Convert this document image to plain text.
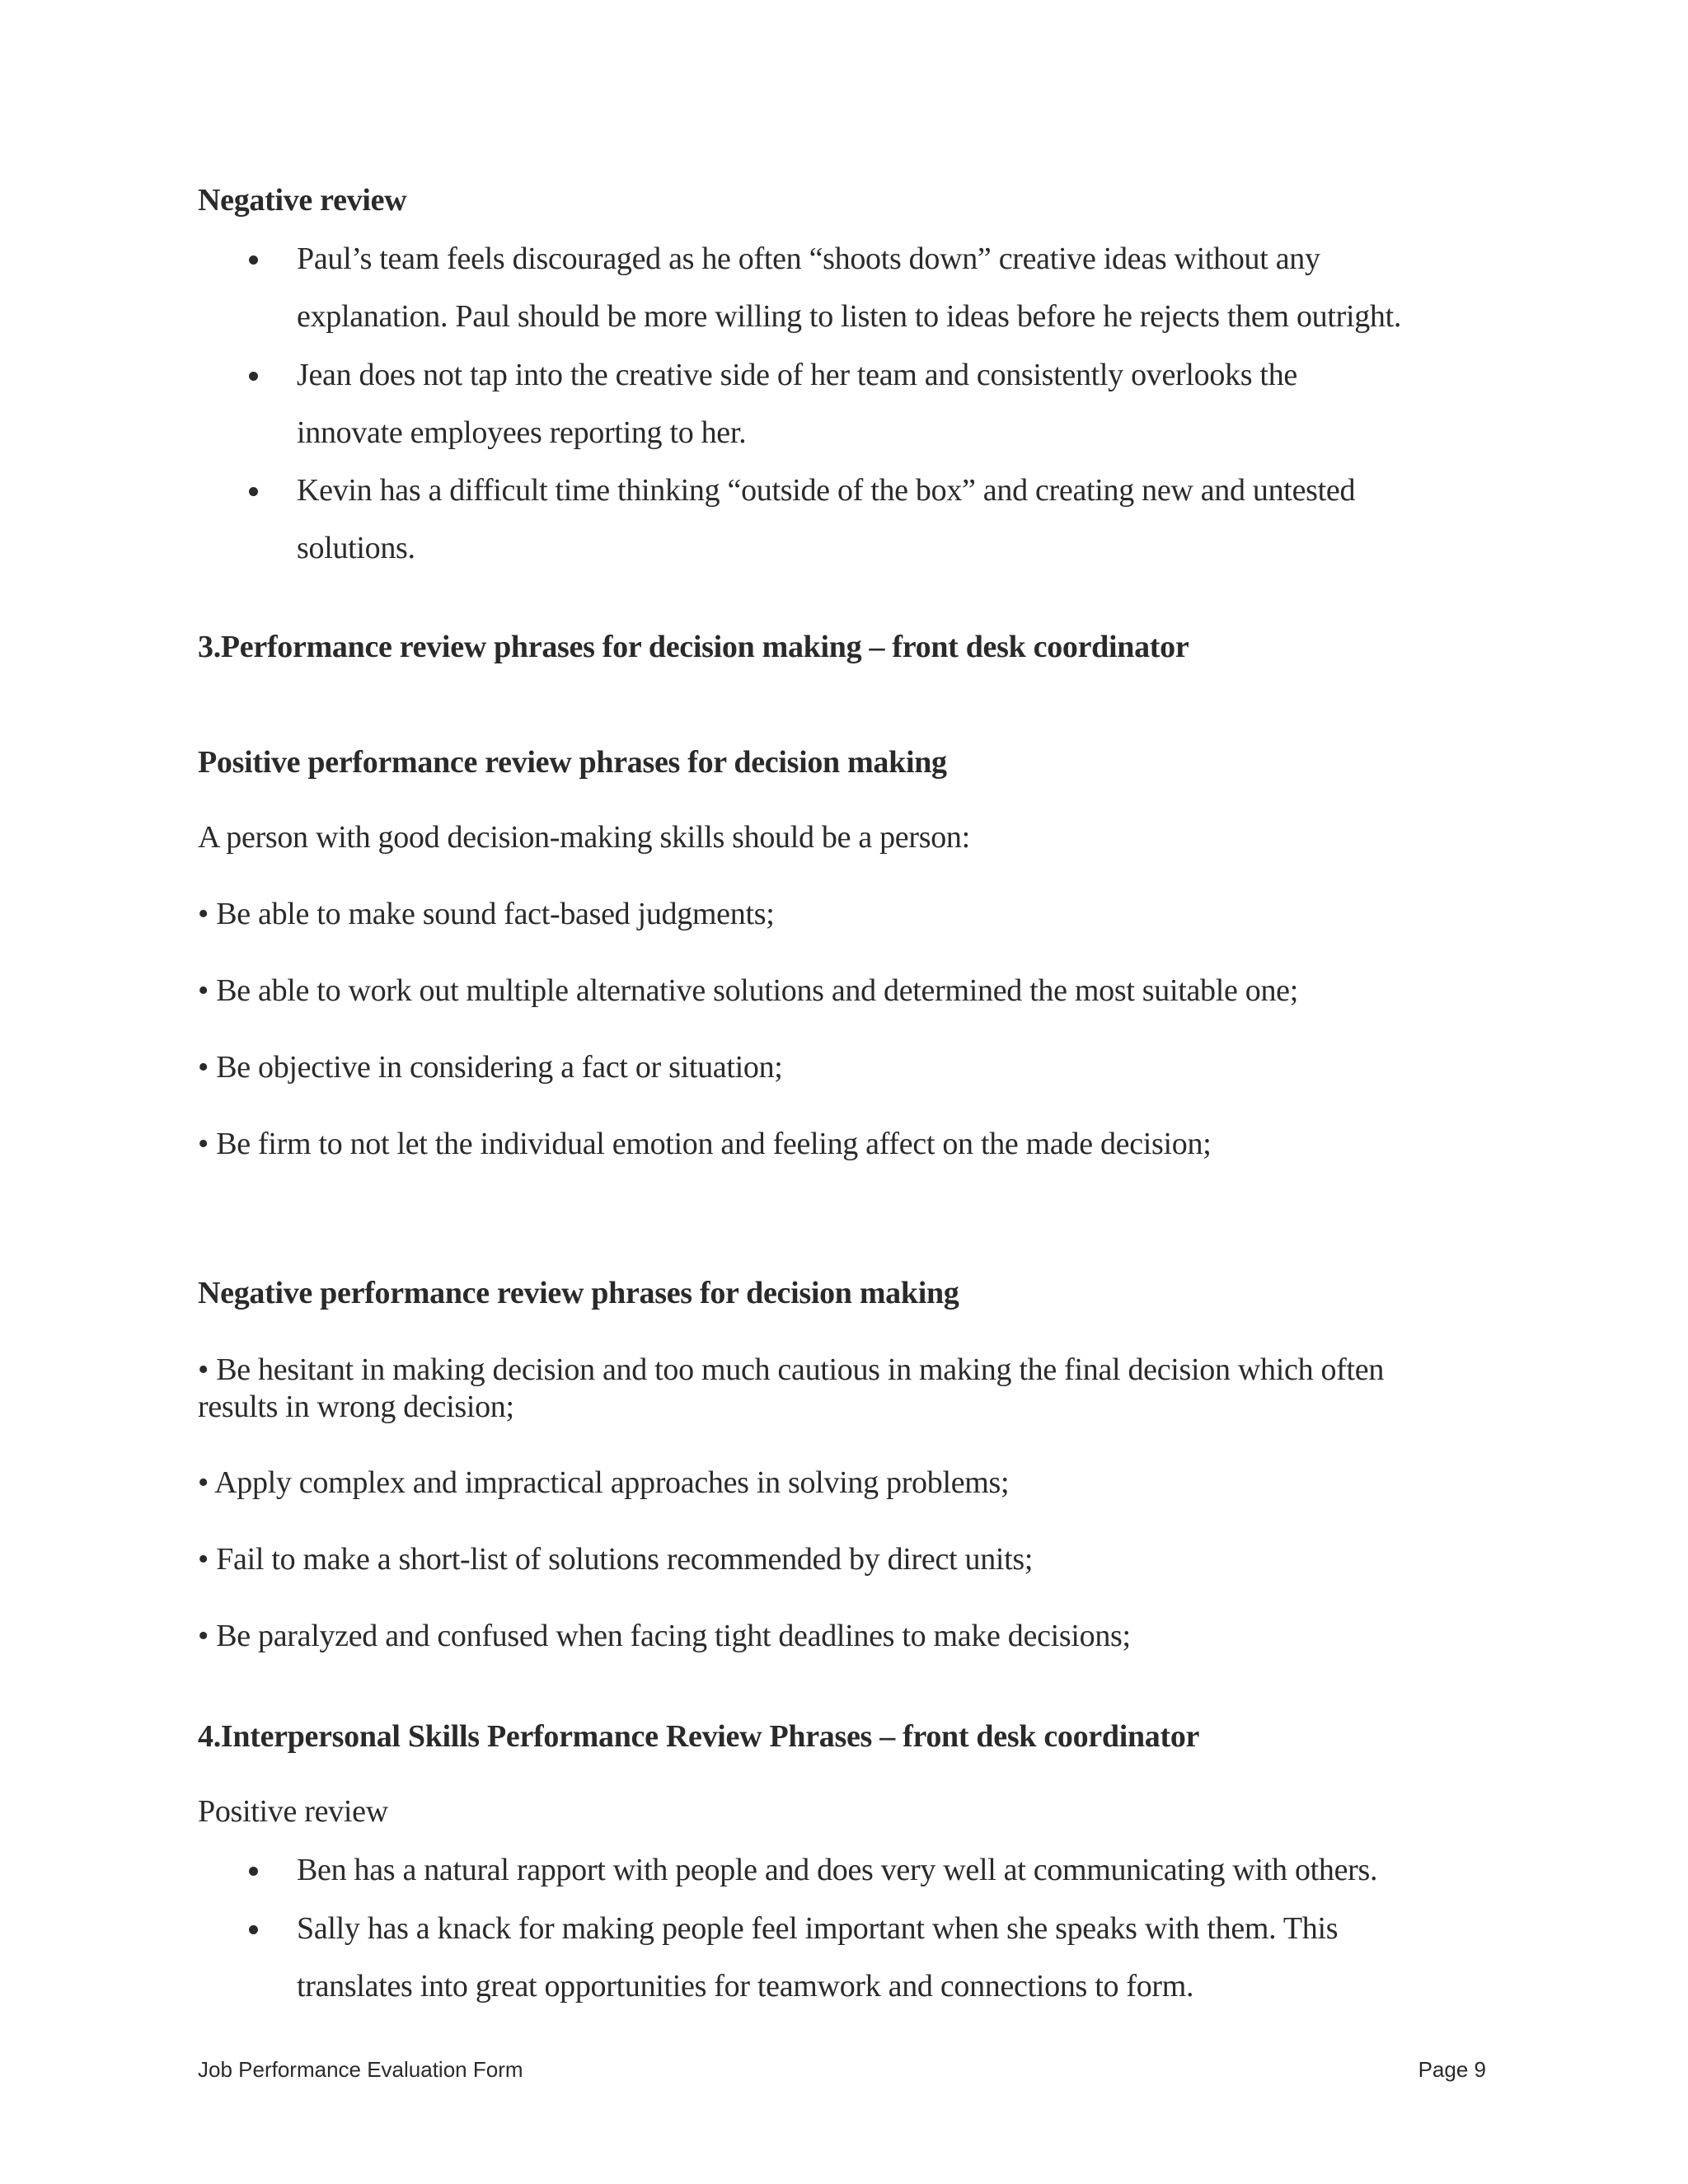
Negative review
Paul’s team feels discouraged as he often “shoots down” creative ideas without any
explanation. Paul should be more willing to listen to ideas before he rejects them outright.
Jean does not tap into the creative side of her team and consistently overlooks the
innovate employees reporting to her.
Kevin has a difficult time thinking “outside of the box” and creating new and untested
solutions.
3.Performance review phrases for decision making – front desk coordinator
Positive performance review phrases for decision making
A person with good decision-making skills should be a person:
• Be able to make sound fact-based judgments;
• Be able to work out multiple alternative solutions and determined the most suitable one;
• Be objective in considering a fact or situation;
• Be firm to not let the individual emotion and feeling affect on the made decision;
Negative performance review phrases for decision making
• Be hesitant in making decision and too much cautious in making the final decision which often
results in wrong decision;
• Apply complex and impractical approaches in solving problems;
• Fail to make a short-list of solutions recommended by direct units;
• Be paralyzed and confused when facing tight deadlines to make decisions;
4.Interpersonal Skills Performance Review Phrases – front desk coordinator
Positive review
Ben has a natural rapport with people and does very well at communicating with others.
Sally has a knack for making people feel important when she speaks with them. This
translates into great opportunities for teamwork and connections to form.
Job Performance Evaluation Form	Page 9
